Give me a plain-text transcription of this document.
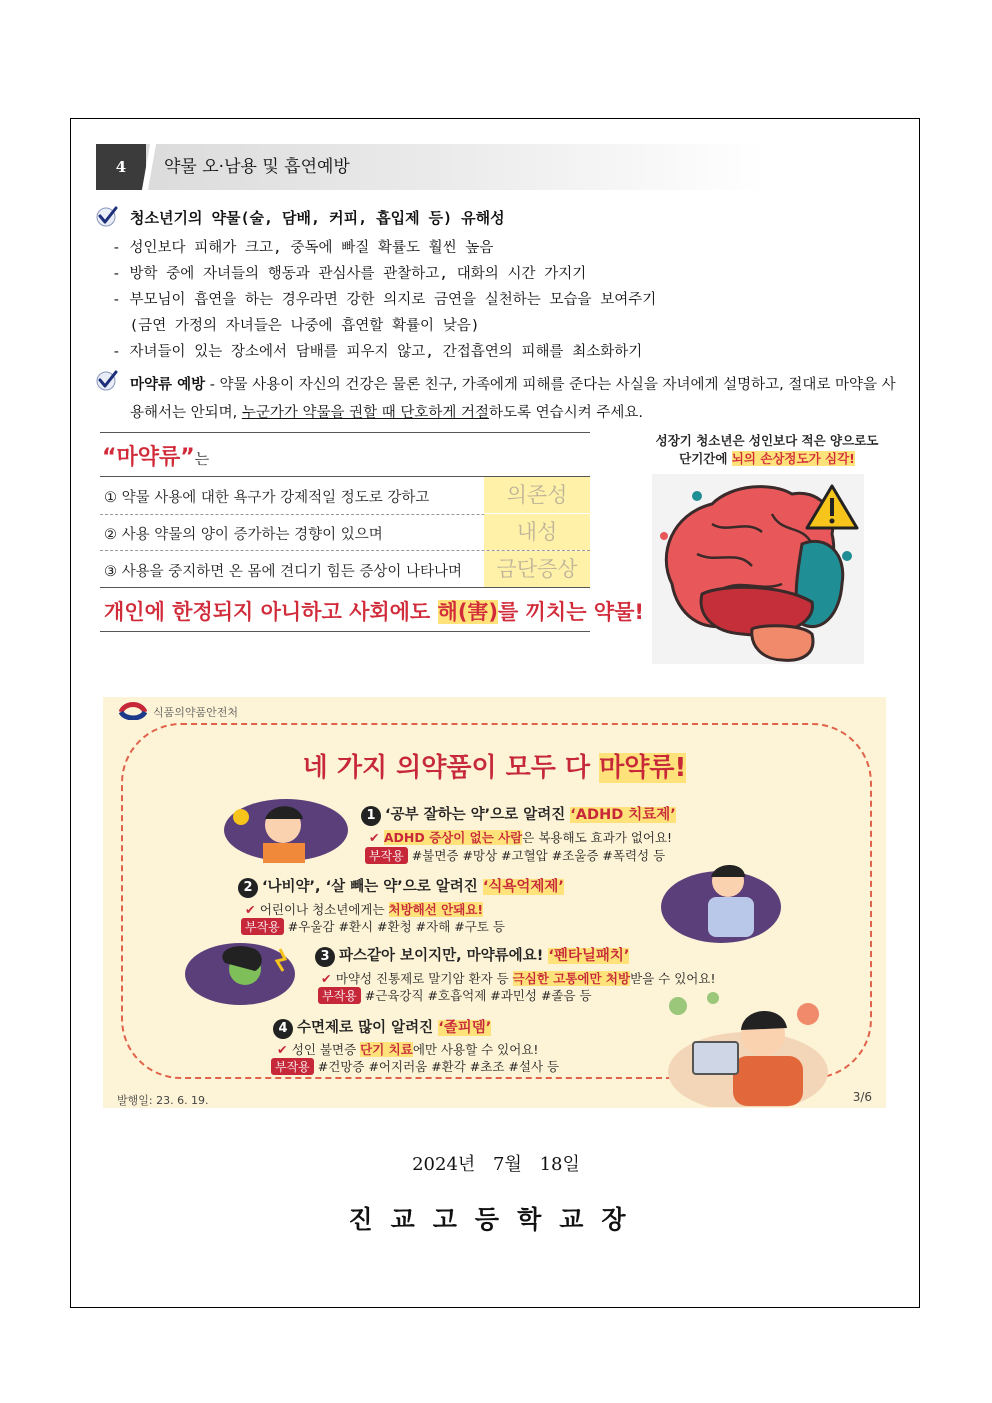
4	약물 오·남용 및 흡연예방
청소년기의 약물(술, 담배, 커피, 흡입제 등) 유해성
- 성인보다 피해가 크고, 중독에 빠질 확률도 훨씬 높음
- 방학 중에 자녀들의 행동과 관심사를 관찰하고, 대화의 시간 가지기
- 부모님이 흡연을 하는 경우라면 강한 의지로 금연을 실천하는 모습을 보여주기
(금연 가정의 자녀들은 나중에 흡연할 확률이 낮음)
- 자녀들이 있는 장소에서 담배를 피우지 않고, 간접흡연의 피해를 최소화하기
마약류 예방 - 약물 사용이 자신의 건강은 물론 친구, 가족에게 피해를 준다는 사실을 자녀에게 설명하고, 절대로 마약을 사용해서는 안되며, 누군가가 약물을 권할 때 단호하게 거절하도록 연습시켜 주세요.
“마약류”는
① 약물 사용에 대한 욕구가 강제적일 정도로 강하고	의존성
② 사용 약물의 양이 증가하는 경향이 있으며	내성
③ 사용을 중지하면 온 몸에 견디기 힘든 증상이 나타나며	금단증상
개인에 한정되지 아니하고 사회에도 해(害)를 끼치는 약물!
성장기 청소년은 성인보다 적은 양으로도
단기간에 뇌의 손상정도가 심각!
식품의약품안전처
네 가지 의약품이 모두 다 마약류!
1 ‘공부 잘하는 약’으로 알려진 ‘ADHD 치료제’
✔ ADHD 증상이 없는 사람은 복용해도 효과가 없어요!
부작용 #불면증 #망상 #고혈압 #조울증 #폭력성 등
2 ‘나비약’, ‘살 빼는 약’으로 알려진 ‘식욕억제제’
✔ 어린이나 청소년에게는 처방해선 안돼요!
부작용 #우울감 #환시 #환청 #자해 #구토 등
3 파스같아 보이지만, 마약류에요! ‘펜타닐패치’
✔ 마약성 진통제로 말기암 환자 등 극심한 고통에만 처방받을 수 있어요!
부작용 #근육강직 #호흡억제 #과민성 #졸음 등
4 수면제로 많이 알려진 ‘졸피뎀’
✔ 성인 불면증 단기 치료에만 사용할 수 있어요!
부작용 #건망증 #어지러움 #환각 #초조 #설사 등
발행일: 23. 6. 19.	3/6
2024년 7월 18일
진교고등학교장
